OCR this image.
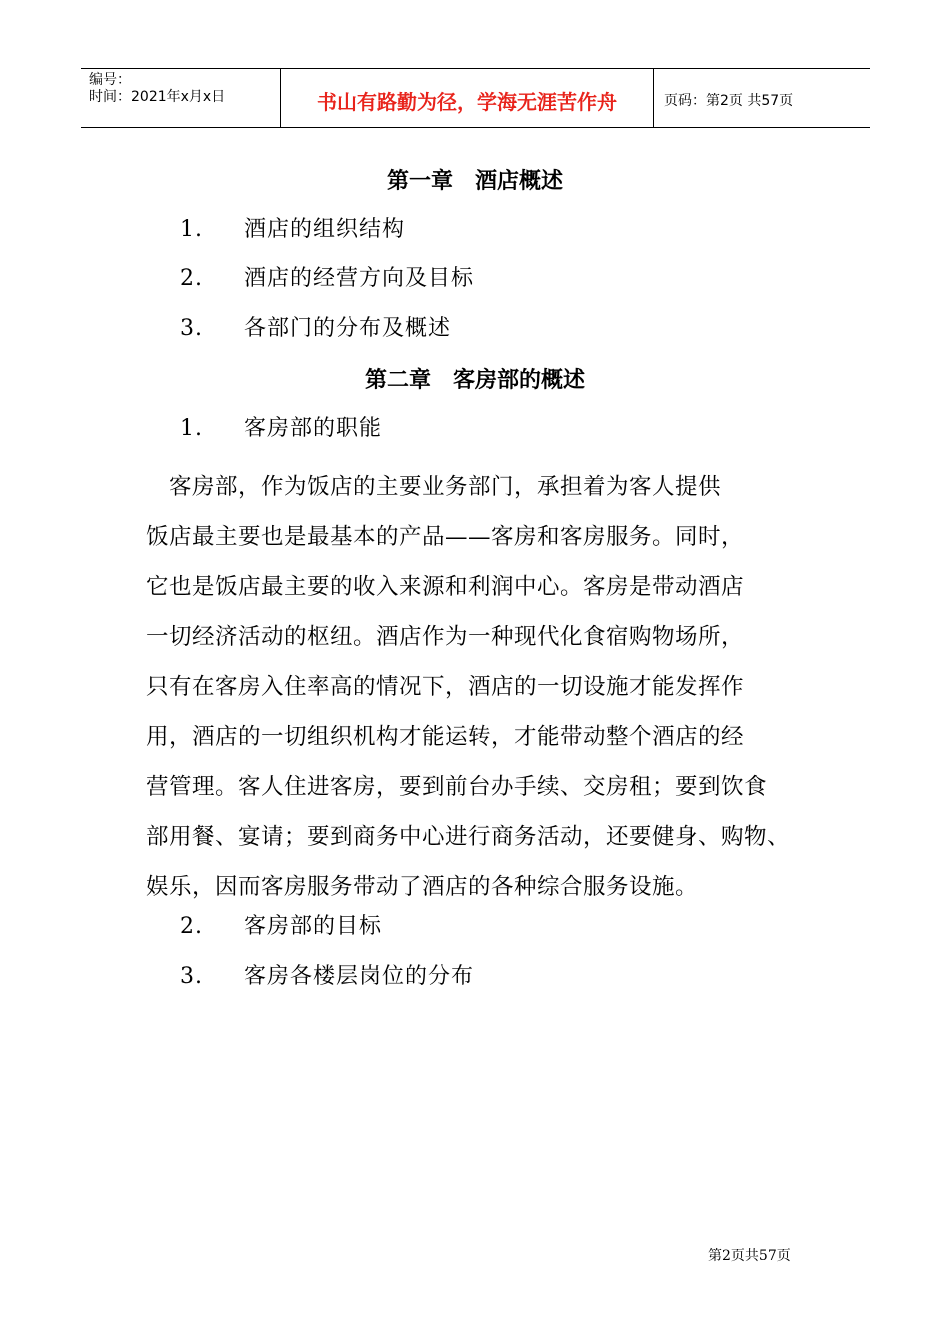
编号：
时间：2021年x月x日	书山有路勤为径，学海无涯苦作舟	页码：第2页 共57页
第一章　酒店概述
1. 酒店的组织结构
2. 酒店的经营方向及目标
3. 各部门的分布及概述
第二章　客房部的概述
1. 客房部的职能
　客房部，作为饭店的主要业务部门，承担着为客人提供
饭店最主要也是最基本的产品——客房和客房服务。同时，
它也是饭店最主要的收入来源和利润中心。客房是带动酒店
一切经济活动的枢纽。酒店作为一种现代化食宿购物场所，
只有在客房入住率高的情况下，酒店的一切设施才能发挥作
用，酒店的一切组织机构才能运转，才能带动整个酒店的经
营管理。客人住进客房，要到前台办手续、交房租；要到饮食
部用餐、宴请；要到商务中心进行商务活动，还要健身、购物、
娱乐，因而客房服务带动了酒店的各种综合服务设施。
2. 客房部的目标
3. 客房各楼层岗位的分布
第2页共57页
